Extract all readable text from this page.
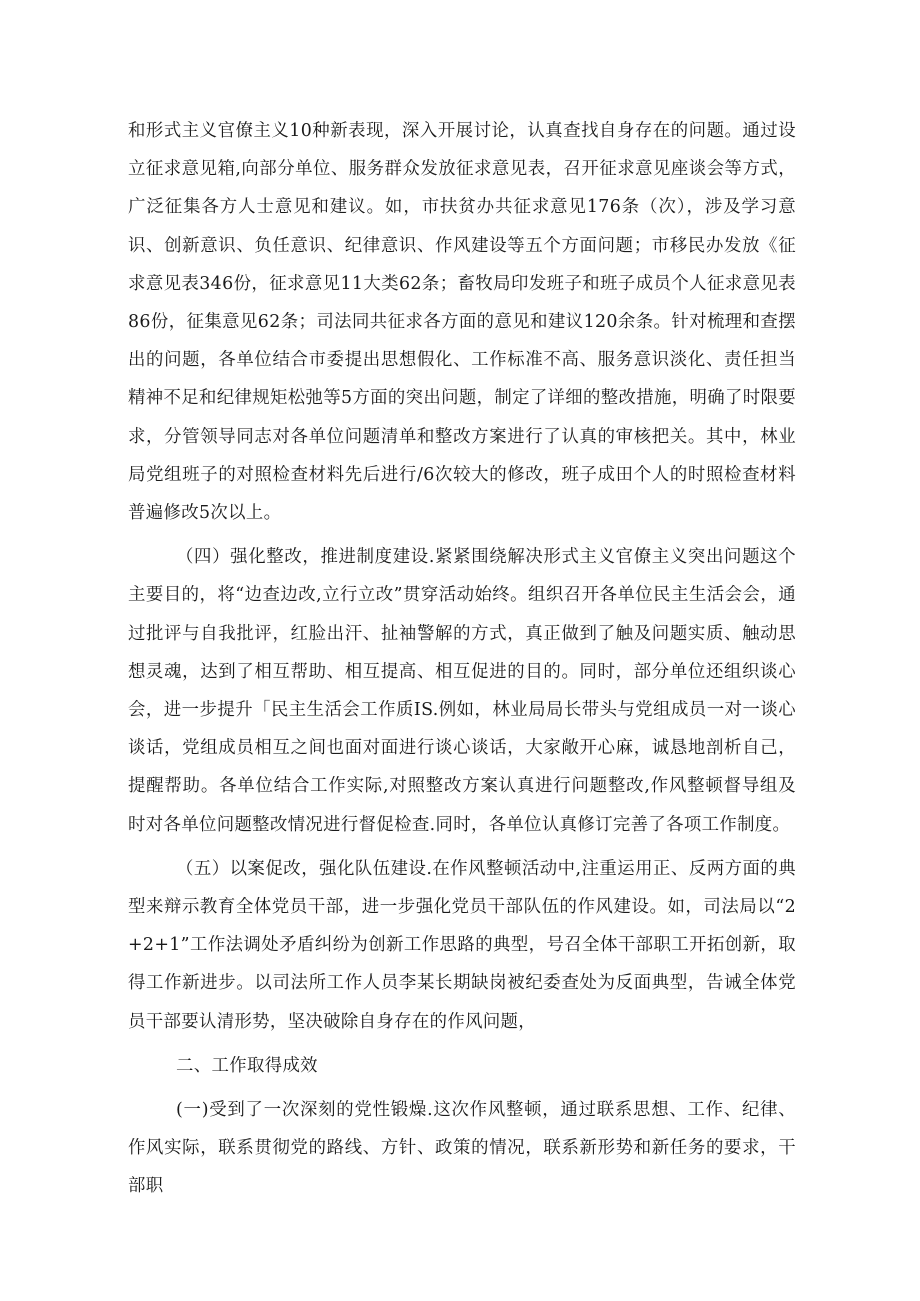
和形式主义官僚主义10种新表现，深入开展讨论，认真查找自身存在的问题。通过设立征求意见箱,向部分单位、服务群众发放征求意见表，召开征求意见座谈会等方式，广泛征集各方人士意见和建议。如，市扶贫办共征求意见176条（次），涉及学习意识、创新意识、负任意识、纪律意识、作风建设等五个方面问题；市移民办发放《征求意见表346份，征求意见11大类62条；畜牧局印发班子和班子成员个人征求意见表86份，征集意见62条；司法同共征求各方面的意见和建议120余条。针对梳理和查摆出的问题，各单位结合市委提出思想假化、工作标准不高、服务意识淡化、责任担当精神不足和纪律规矩松弛等5方面的突出问题，制定了详细的整改措施，明确了时限要求，分管领导同志对各单位问题清单和整改方案进行了认真的审核把关。其中，林业局党组班子的对照检查材料先后进行/6次较大的修改，班子成田个人的时照检查材料普遍修改5次以上。

（四）强化整改，推进制度建设.紧紧围绕解决形式主义官僚主义突出问题这个主要目的，将“边查边改,立行立改”贯穿活动始终。组织召开各单位民主生活会会，通过批评与自我批评，红脸出汗、扯袖警解的方式，真正做到了触及问题实质、触动思想灵魂，达到了相互帮助、相互提高、相互促进的目的。同时，部分单位还组织谈心会，进一步提升「民主生活会工作质IS.例如，林业局局长带头与党组成员一对一谈心谈话，党组成员相互之间也面对面进行谈心谈话，大家敞开心麻，诚恳地剖析自己，提醒帮助。各单位结合工作实际,对照整改方案认真进行问题整改,作风整顿督导组及时对各单位问题整改情况进行督促检查.同时，各单位认真修订完善了各项工作制度。

（五）以案促改，强化队伍建设.在作风整顿活动中,注重运用正、反两方面的典型来辩示教育全体党员干部，进一步强化党员干部队伍的作风建设。如，司法局以“2+2+1”工作法调处矛盾纠纷为创新工作思路的典型，号召全体干部职工开拓创新，取得工作新进步。以司法所工作人员李某长期缺岗被纪委查处为反面典型，告诫全体党员干部要认清形势，坚决破除自身存在的作风问题，

二、工作取得成效

(一)受到了一次深刻的党性锻燥.这次作风整顿，通过联系思想、工作、纪律、作风实际，联系贯彻党的路线、方针、政策的情况，联系新形势和新任务的要求，干部职
